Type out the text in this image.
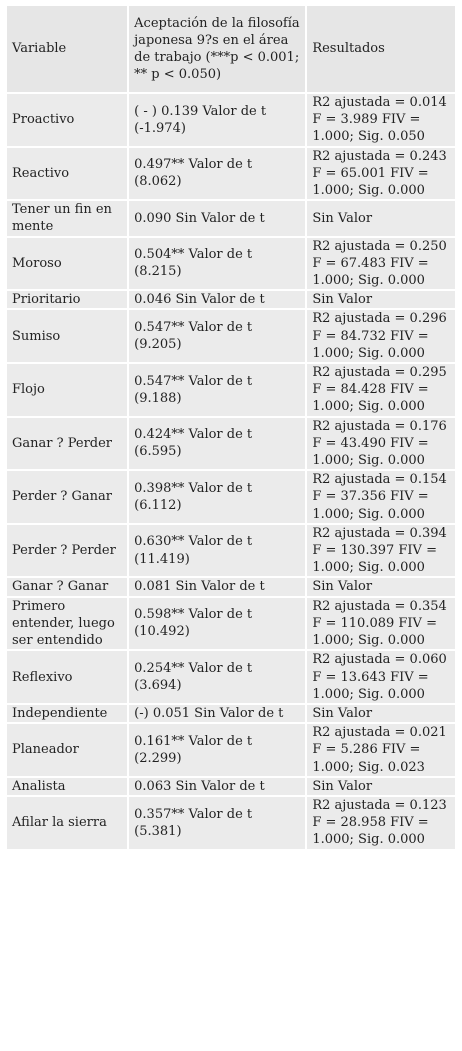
Variable	Aceptación de la filosofía japonesa 9?s en el área de trabajo (***p < 0.001; ** p < 0.050)	Resultados
Proactivo	( - ) 0.139 Valor de t (-1.974)	R2 ajustada = 0.014 F = 3.989 FIV = 1.000; Sig. 0.050
Reactivo	0.497** Valor de t (8.062)	R2 ajustada = 0.243 F = 65.001 FIV = 1.000; Sig. 0.000
Tener un fin en mente	0.090 Sin Valor de t	Sin Valor
Moroso	0.504** Valor de t (8.215)	R2 ajustada = 0.250 F = 67.483 FIV = 1.000; Sig. 0.000
Prioritario	0.046 Sin Valor de t	Sin Valor
Sumiso	0.547** Valor de t (9.205)	R2 ajustada = 0.296 F = 84.732 FIV = 1.000; Sig. 0.000
Flojo	0.547** Valor de t (9.188)	R2 ajustada = 0.295 F = 84.428 FIV = 1.000; Sig. 0.000
Ganar ? Perder	0.424** Valor de t (6.595)	R2 ajustada = 0.176 F = 43.490 FIV = 1.000; Sig. 0.000
Perder ? Ganar	0.398** Valor de t (6.112)	R2 ajustada = 0.154 F = 37.356 FIV = 1.000; Sig. 0.000
Perder ? Perder	0.630** Valor de t (11.419)	R2 ajustada = 0.394 F = 130.397 FIV = 1.000; Sig. 0.000
Ganar ? Ganar	0.081 Sin Valor de t	Sin Valor
Primero entender, luego ser entendido	0.598** Valor de t (10.492)	R2 ajustada = 0.354 F = 110.089 FIV = 1.000; Sig. 0.000
Reflexivo	0.254** Valor de t (3.694)	R2 ajustada = 0.060 F = 13.643 FIV = 1.000; Sig. 0.000
Independiente	(-) 0.051 Sin Valor de t	Sin Valor
Planeador	0.161** Valor de t (2.299)	R2 ajustada = 0.021 F = 5.286 FIV = 1.000; Sig. 0.023
Analista	0.063 Sin Valor de t	Sin Valor
Afilar la sierra	0.357** Valor de t (5.381)	R2 ajustada = 0.123 F = 28.958 FIV = 1.000; Sig. 0.000
